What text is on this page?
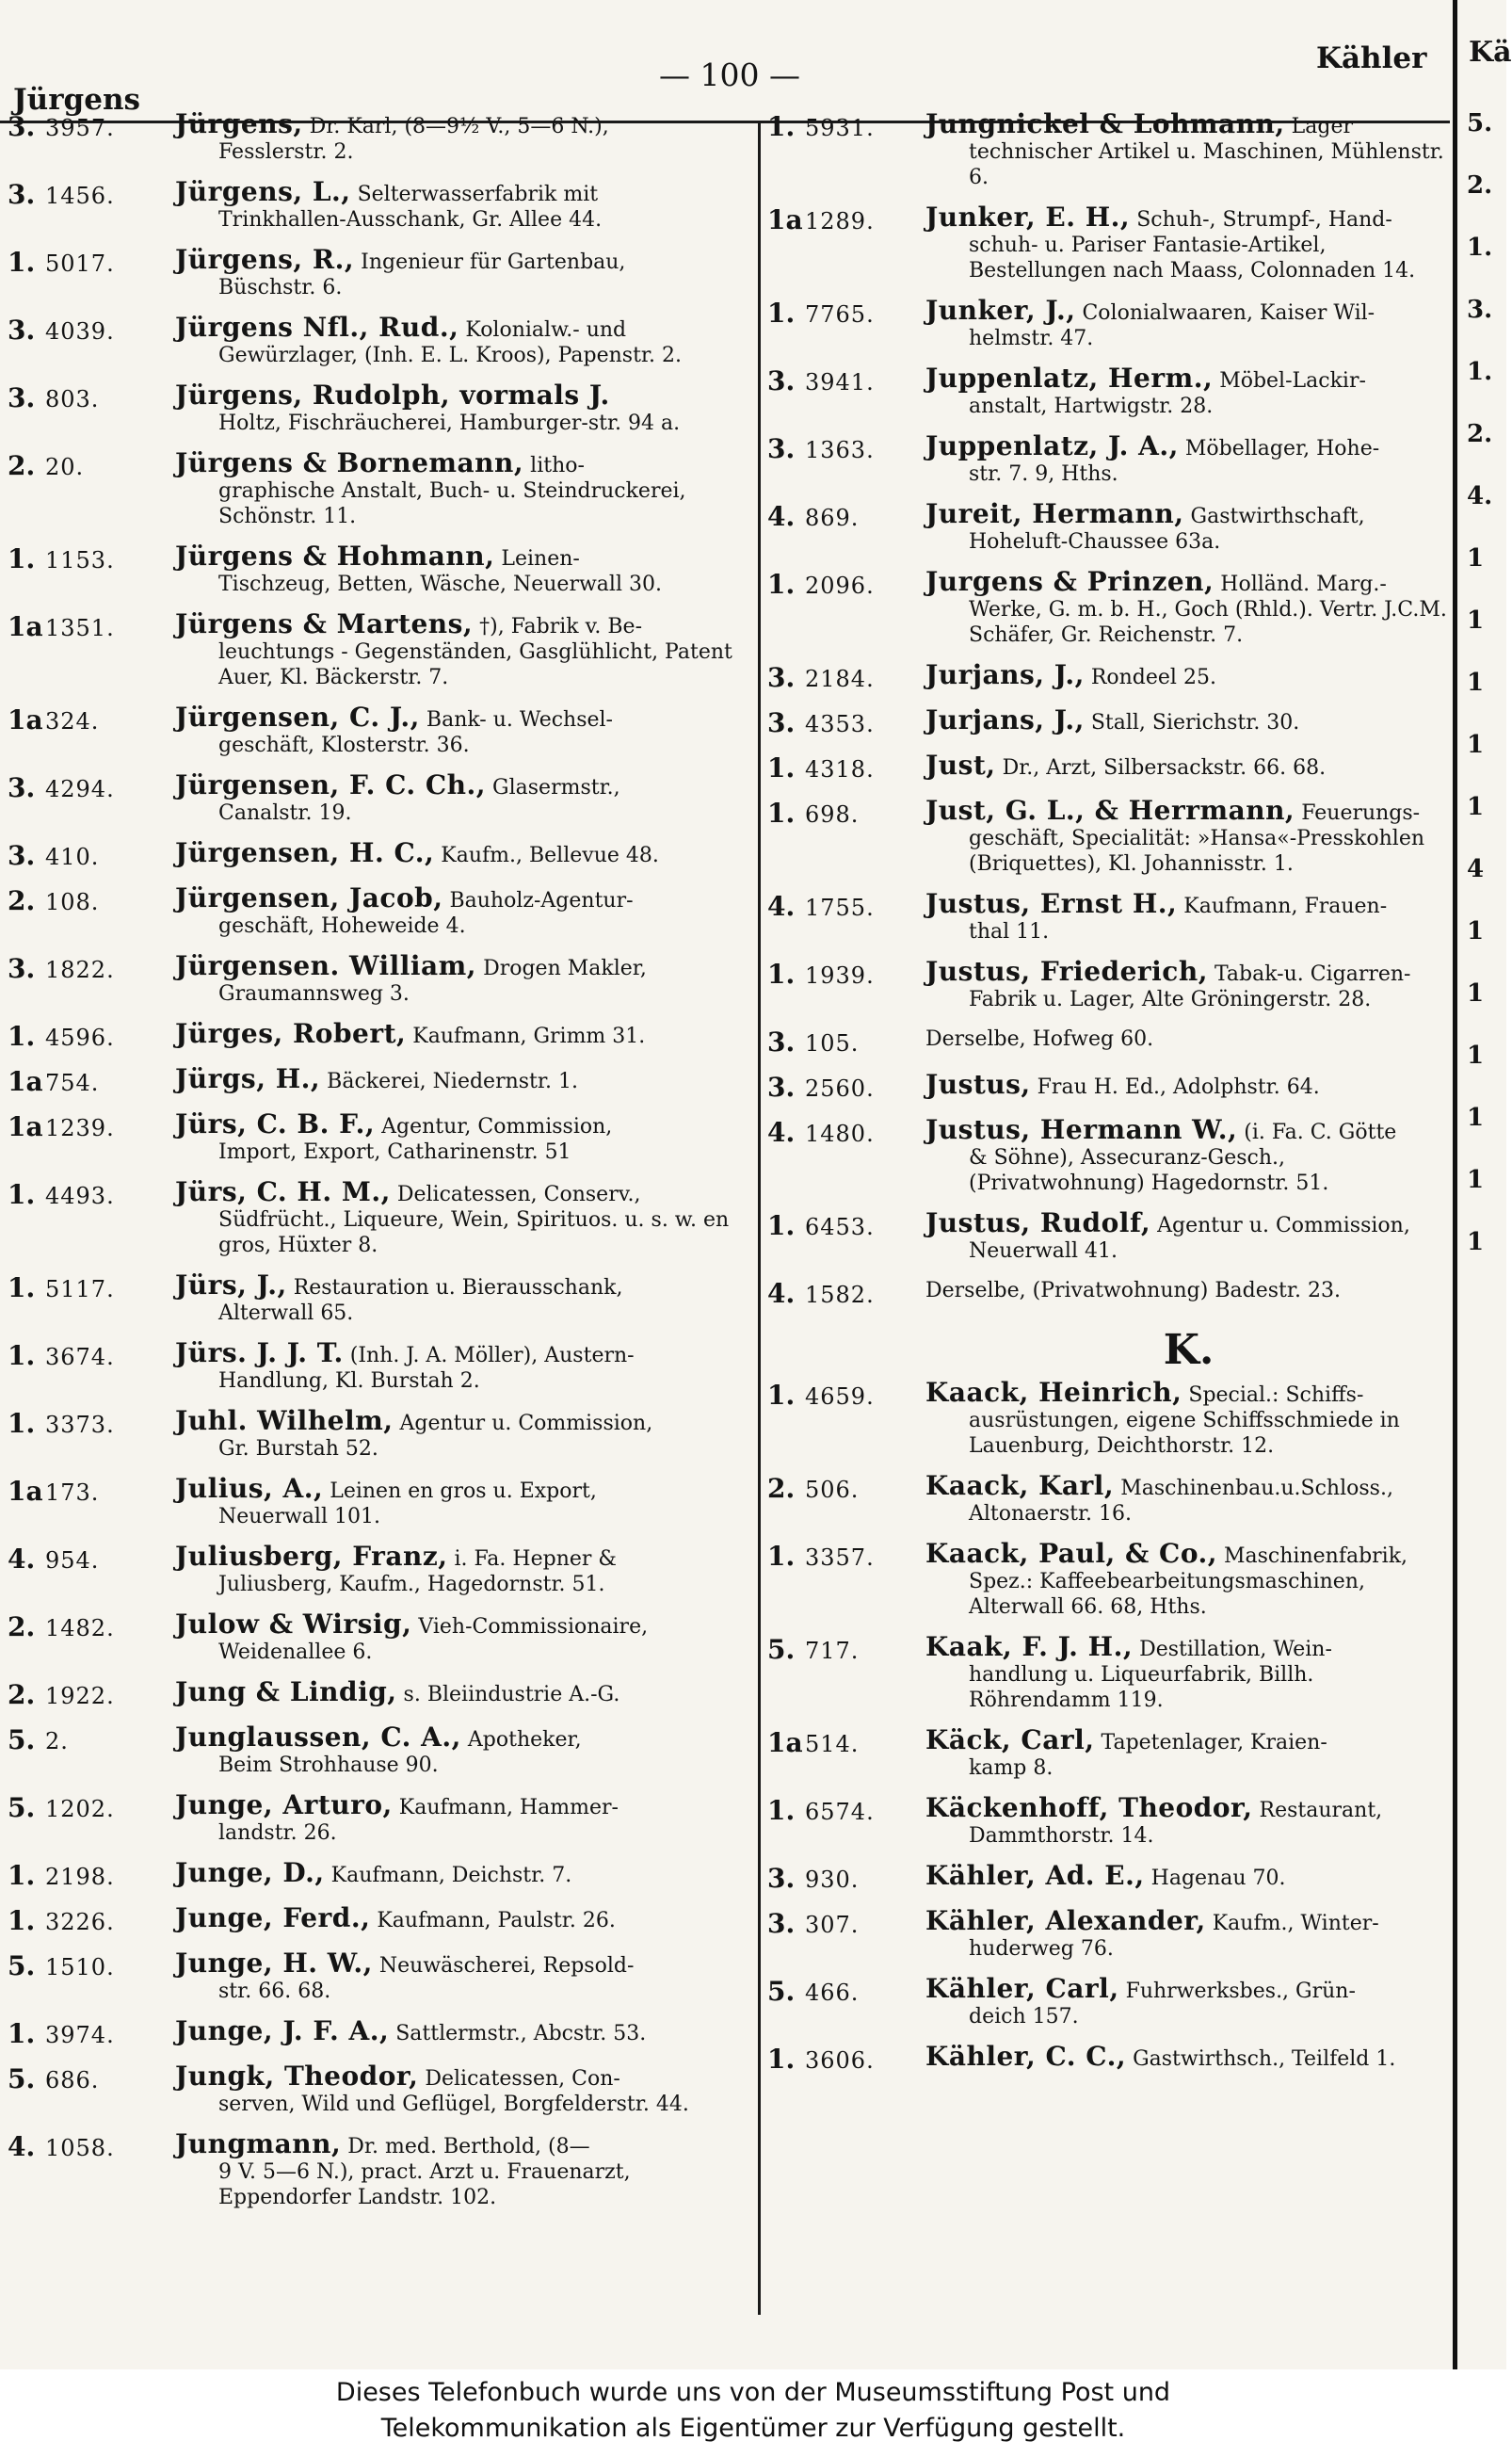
Jürgens
— 100 —	Kähler Kä
3. 3957.	Jürgens, Dr. Karl, (8—9½ V., 5—6 N.),
Fesslerstr. 2.
3. 1456.	Jürgens, L., Selterwasserfabrik mit
Trinkhallen-Ausschank, Gr. Allee 44.
1. 5017.	Jürgens, R., Ingenieur für Gartenbau,
Büschstr. 6.
3. 4039.	Jürgens Nfl., Rud., Kolonialw.- und
Gewürzlager, (Inh. E. L. Kroos), Papenstr. 2.
3. 803.	Jürgens, Rudolph, vormals J.
Holtz, Fischräucherei, Hamburger-str. 94 a.
2. 20.	Jürgens & Bornemann, litho-
graphische Anstalt, Buch- u. Steindruckerei, Schönstr. 11.
1. 1153.	Jürgens & Hohmann, Leinen-
Tischzeug, Betten, Wäsche, Neuerwall 30.
1a1351.	Jürgens & Martens, †), Fabrik v. Be-
leuchtungs - Gegenständen, Gasglühlicht, Patent Auer, Kl. Bäckerstr. 7.
1a324.	Jürgensen, C. J., Bank- u. Wechsel-
geschäft, Klosterstr. 36.
3. 4294.	Jürgensen, F. C. Ch., Glasermstr.,
Canalstr. 19.
3. 410.	Jürgensen, H. C., Kaufm., Bellevue 48.
2. 108.	Jürgensen, Jacob, Bauholz-Agentur-
geschäft, Hoheweide 4.
3. 1822.	Jürgensen. William, Drogen Makler,
Graumannsweg 3.
1. 4596.	Jürges, Robert, Kaufmann, Grimm 31.
1a754.	Jürgs, H., Bäckerei, Niedernstr. 1.
1a1239.	Jürs, C. B. F., Agentur, Commission,
Import, Export, Catharinenstr. 51
1. 4493.	Jürs, C. H. M., Delicatessen, Conserv.,
Südfrücht., Liqueure, Wein, Spirituos. u. s. w. en gros, Hüxter 8.
1. 5117.	Jürs, J., Restauration u. Bierausschank,
Alterwall 65.
1. 3674.	Jürs. J. J. T. (Inh. J. A. Möller), Austern-
Handlung, Kl. Burstah 2.
1. 3373.	Juhl. Wilhelm, Agentur u. Commission,
Gr. Burstah 52.
1a173.	Julius, A., Leinen en gros u. Export,
Neuerwall 101.
4. 954.	Juliusberg, Franz, i. Fa. Hepner &
Juliusberg, Kaufm., Hagedornstr. 51.
2. 1482.	Julow & Wirsig, Vieh-Commissionaire,
Weidenallee 6.
2. 1922.	Jung & Lindig, s. Bleiindustrie A.-G.
5. 2.	Junglaussen, C. A., Apotheker,
Beim Strohhause 90.
5. 1202.	Junge, Arturo, Kaufmann, Hammer-
landstr. 26.
1. 2198.	Junge, D., Kaufmann, Deichstr. 7.
1. 3226.	Junge, Ferd., Kaufmann, Paulstr. 26.
5. 1510.	Junge, H. W., Neuwäscherei, Repsold-
str. 66. 68.
1. 3974.	Junge, J. F. A., Sattlermstr., Abcstr. 53.
5. 686.	Jungk, Theodor, Delicatessen, Con-
serven, Wild und Geflügel, Borgfelderstr. 44.
4. 1058.	Jungmann, Dr. med. Berthold, (8—
9 V. 5—6 N.), pract. Arzt u. Frauenarzt, Eppendorfer Landstr. 102.
1. 5931.	Jungnickel & Lohmann, Lager
technischer Artikel u. Maschinen, Mühlenstr. 6.
1a1289.	Junker, E. H., Schuh-, Strumpf-, Hand-
schuh- u. Pariser Fantasie-Artikel, Bestellungen nach Maass, Colonnaden 14.
1. 7765.	Junker, J., Colonialwaaren, Kaiser Wil-
helmstr. 47.
3. 3941.	Juppenlatz, Herm., Möbel-Lackir-
anstalt, Hartwigstr. 28.
3. 1363.	Juppenlatz, J. A., Möbellager, Hohe-
str. 7. 9, Hths.
4. 869.	Jureit, Hermann, Gastwirthschaft,
Hoheluft-Chaussee 63a.
1. 2096.	Jurgens & Prinzen, Holländ. Marg.-
Werke, G. m. b. H., Goch (Rhld.). Vertr. J.C.M. Schäfer, Gr. Reichenstr. 7.
3. 2184.	Jurjans, J., Rondeel 25.
3. 4353.	Jurjans, J., Stall, Sierichstr. 30.
1. 4318.	Just, Dr., Arzt, Silbersackstr. 66. 68.
1. 698.	Just, G. L., & Herrmann, Feuerungs-
geschäft, Specialität: »Hansa«-Presskohlen (Briquettes), Kl. Johannisstr. 1.
4. 1755.	Justus, Ernst H., Kaufmann, Frauen-
thal 11.
1. 1939.	Justus, Friederich, Tabak-u. Cigarren-
Fabrik u. Lager, Alte Gröningerstr. 28.
3. 105.	Derselbe, Hofweg 60.
3. 2560.	Justus, Frau H. Ed., Adolphstr. 64.
4. 1480.	Justus, Hermann W., (i. Fa. C. Götte
& Söhne), Assecuranz-Gesch., (Privatwohnung) Hagedornstr. 51.
1. 6453.	Justus, Rudolf, Agentur u. Commission,
Neuerwall 41.
4. 1582.	Derselbe, (Privatwohnung) Badestr. 23.
K.
1. 4659.	Kaack, Heinrich, Special.: Schiffs-
ausrüstungen, eigene Schiffsschmiede in Lauenburg, Deichthorstr. 12.
2. 506.	Kaack, Karl, Maschinenbau.u.Schloss.,
Altonaerstr. 16.
1. 3357.	Kaack, Paul, & Co., Maschinenfabrik,
Spez.: Kaffeebearbeitungsmaschinen, Alterwall 66. 68, Hths.
5. 717.	Kaak, F. J. H., Destillation, Wein-
handlung u. Liqueurfabrik, Billh. Röhrendamm 119.
1a514.	Käck, Carl, Tapetenlager, Kraien-
kamp 8.
1. 6574.	Käckenhoff, Theodor, Restaurant,
Dammthorstr. 14.
3. 930.	Kähler, Ad. E., Hagenau 70.
3. 307.	Kähler, Alexander, Kaufm., Winter-
huderweg 76.
5. 466.	Kähler, Carl, Fuhrwerksbes., Grün-
deich 157.
1. 3606.	Kähler, C. C., Gastwirthsch., Teilfeld 1.
5.
2.
1.
3.
1.
2.
4.
1
1
1
1
1
4
1
1
1
1
1
1
Dieses Telefonbuch wurde uns von der Museumsstiftung Post und
Telekommunikation als Eigentümer zur Verfügung gestellt.
